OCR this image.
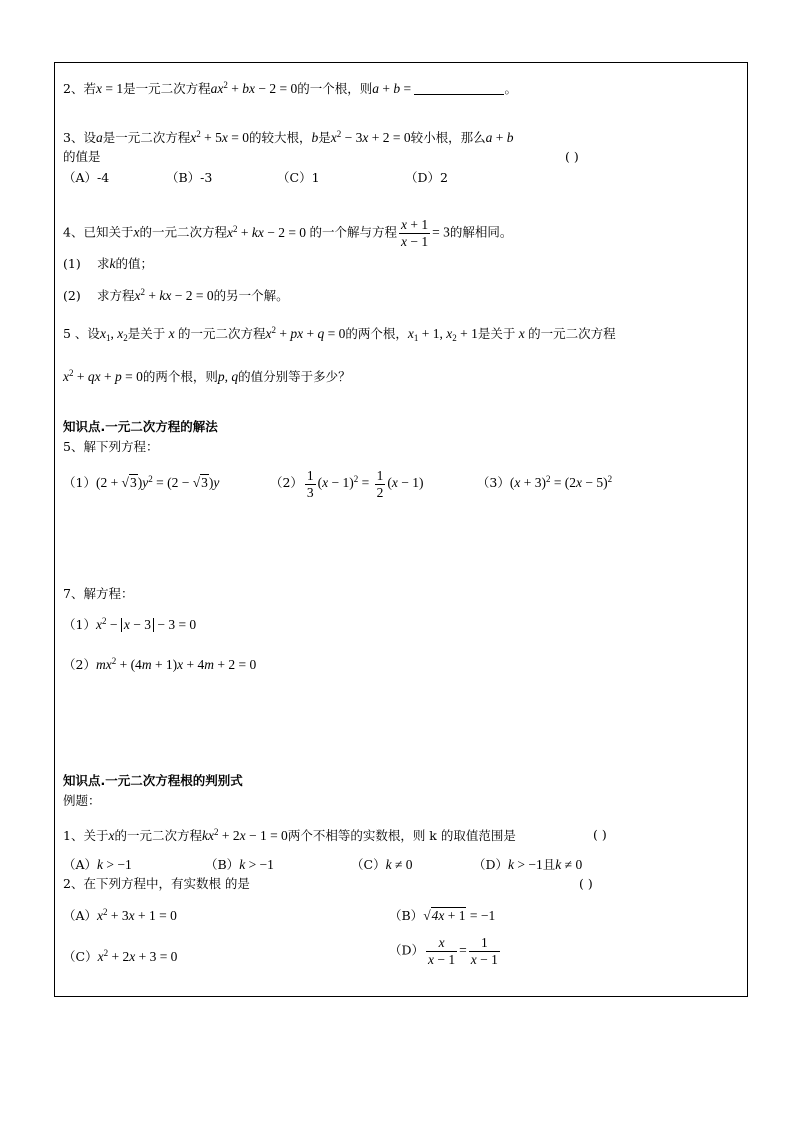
2、若x = 1是一元二次方程$ax^2$ + bx − 2 = 0的一个根，则a + b =	。
3、设a是一元二次方程$x^2 + 5x = 0$的较大根，b是$x^2 - 3x + 2 = 0$较小根，那么a + b
的值是	( )
（A）-4	（B）-3	（C）1	（D）2
4、已知关于x的一元二次方程$x^2$ + kx − 2 = 0 的一个解与方程 $\frac{x + 1}{x - 1} = 3$的解相同。
(1) 求k的值；
(2) 求方程$x^2$ + kx − 2 = 0的另一个解。
5 、设$x_1$, $x_2$是关于 x 的一元二次方程$x^2$ + px + q = 0的两个根，$x_1 + 1$, $x_2 + 1$是关于 x 的一元二次方程
$x^2$ + qx + p = 0的两个根，则p, q的值分别等于多少？
知识点.一元二次方程的解法
5、解下列方程：
$(1)(2 + √3)y^2 = (2 - √3)y$	$(2) \frac{1}{3} (x - 1)^2 = \frac{1}{2} (x - 1)$	$(3)(x + 3)^2 = (2x - 5)^2$
7、解方程：
$(1)x^2 - x - 3 - 3 = 0$
$(2)mx^2 + (4m + 1)x + 4m + 2 = 0$
知识点.一元二次方程根的判别式
例题：
1、关于x的一元二次方程$kx^2 + 2x - 1 = 0$两个不相等的实数根，则 k 的取值范围是	( )
（A）k > −1	（B）k > −1	（C）k ≠ 0	（D）k > −1且k ≠ 0
2、在下列方程中，有实数根 的是	( )
$(A)x^2 + 3x + 1 = 0$	（B）√4x + 1 = −1
$(C)x^2 + 2x + 3 = 0$	$(D) \frac{x}{x - 1} = \frac{1}{x - 1}$
